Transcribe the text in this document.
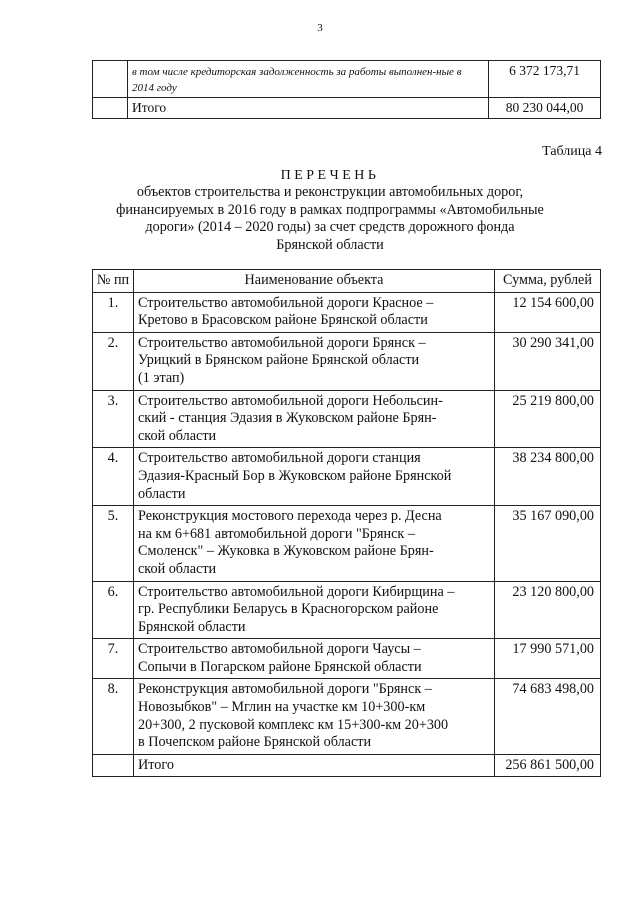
3
	в том числе кредиторская задолженность за работы выполнен-ные в 2014 году	6 372 173,71
	Итого	80 230 044,00
Таблица 4
ПЕРЕЧЕНЬ
объектов строительства и реконструкции автомобильных дорог,
финансируемых в 2016 году в рамках подпрограммы «Автомобильные
дороги» (2014 – 2020 годы) за счет средств дорожного фонда
Брянской области
№ пп	Наименование объекта	Сумма, рублей
1.	Строительство автомобильной дороги Красное –
Кретово в Брасовском районе Брянской области	12 154 600,00
2.	Строительство автомобильной дороги Брянск –
Урицкий в Брянском районе Брянской области
(1 этап)	30 290 341,00
3.	Строительство автомобильной дороги Небольсин-
ский - станция Эдазия в Жуковском районе Брян-
ской области	25 219 800,00
4.	Строительство автомобильной дороги станция
Эдазия-Красный Бор в Жуковском районе Брянской
области	38 234 800,00
5.	Реконструкция мостового перехода через р. Десна
на км 6+681 автомобильной дороги "Брянск –
Смоленск" – Жуковка в Жуковском районе Брян-
ской области	35 167 090,00
6.	Строительство автомобильной дороги Кибирщина –
гр. Республики Беларусь в Красногорском районе
Брянской области	23 120 800,00
7.	Строительство автомобильной дороги Чаусы –
Сопычи в Погарском районе Брянской области	17 990 571,00
8.	Реконструкция автомобильной дороги "Брянск –
Новозыбков" – Мглин на участке км 10+300-км
20+300, 2 пусковой комплекс км 15+300-км 20+300
в Почепском районе Брянской области	74 683 498,00
	Итого	256 861 500,00
